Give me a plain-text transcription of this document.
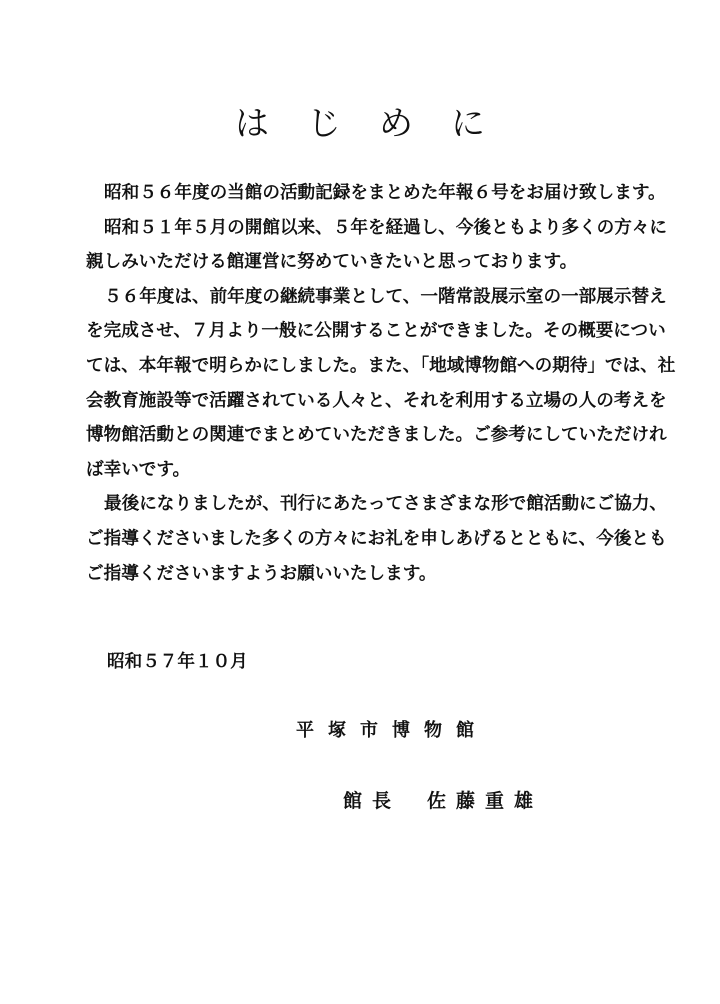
はじめに

昭和５６年度の当館の活動記録をまとめた年報６号をお届け致します。

昭和５１年５月の開館以来、５年を経過し、今後ともより多くの方々に親しみいただける館運営に努めていきたいと思っております。

５６年度は、前年度の継続事業として、一階常設展示室の一部展示替えを完成させ、７月より一般に公開することができました。その概要については、本年報で明らかにしました。また、「地域博物館への期待」では、社会教育施設等で活躍されている人々と、それを利用する立場の人の考えを博物館活動との関連でまとめていただきました。ご参考にしていただければ幸いです。

最後になりましたが、刊行にあたってさまざまな形で館活動にご協力、ご指導くださいました多くの方々にお礼を申しあげるとともに、今後ともご指導くださいますようお願いいたします。

昭和５７年１０月
平塚市博物館
館長 佐藤重雄
